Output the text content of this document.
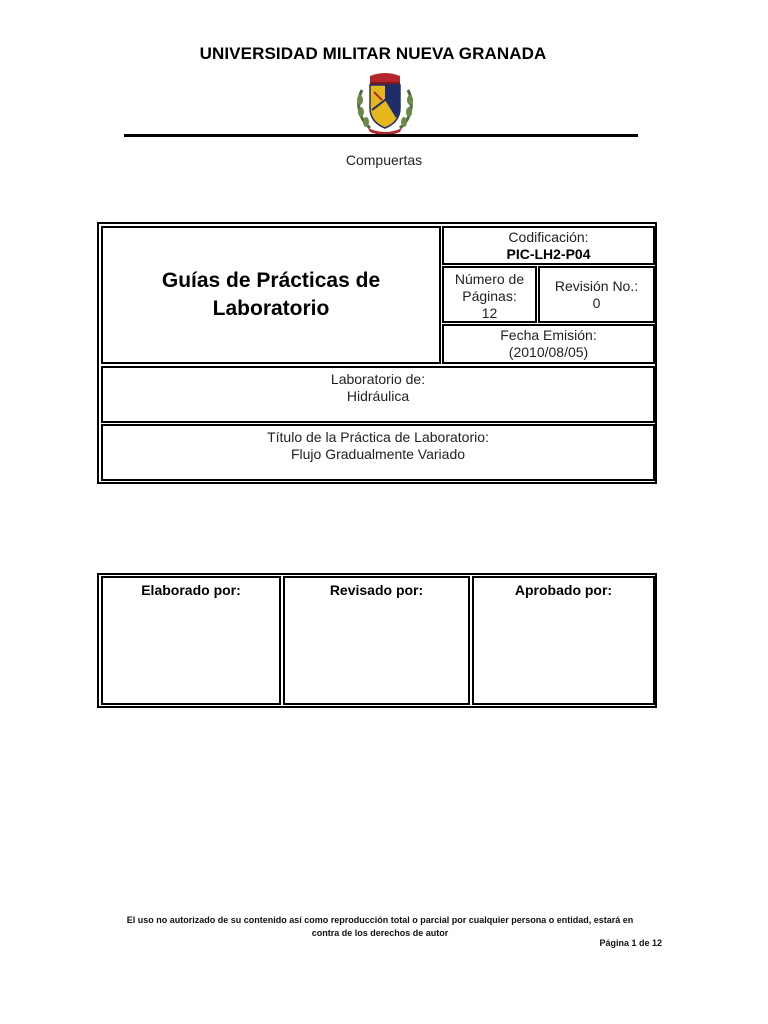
UNIVERSIDAD MILITAR NUEVA GRANADA
Compuertas
Guías de Prácticas de
Laboratorio
Codificación:
PIC-LH2-P04
Número de
Páginas:
12
Revisión No.:
0
Fecha Emisión:
(2010/08/05)
Laboratorio de:
Hidráulica
Título de la Práctica de Laboratorio:
Flujo Gradualmente Variado
Elaborado por:	Revisado por:	Aprobado por:
El uso no autorizado de su contenido así como reproducción total o parcial por cualquier persona o entidad, estará en
contra de los derechos de autor
Página 1 de 12
